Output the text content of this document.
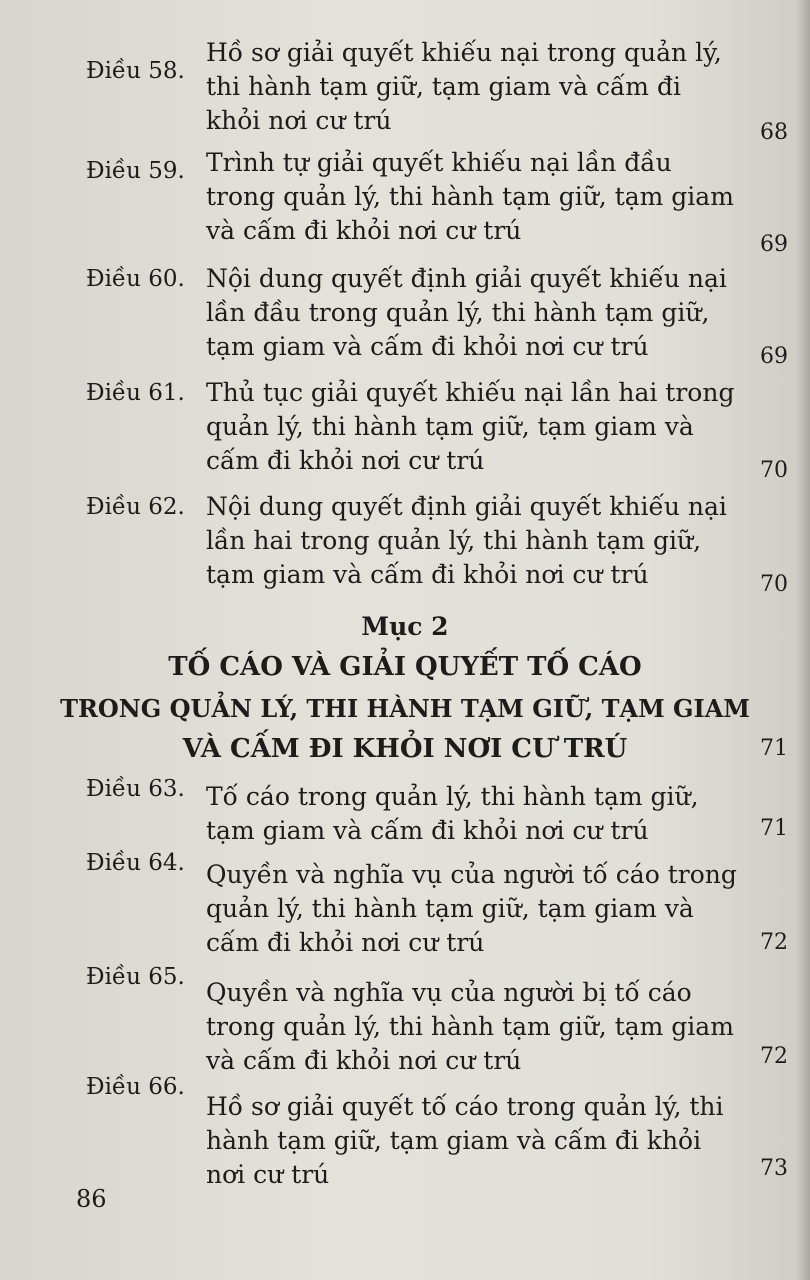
Điều 58.
Hồ sơ giải quyết khiếu nại trong quản lý,
thi hành tạm giữ, tạm giam và cấm đi
khỏi nơi cư trú	68
Điều 59. Trình tự giải quyết khiếu nại lần đầu
trong quản lý, thi hành tạm giữ, tạm giam
và cấm đi khỏi nơi cư trú	69
Điều 60. Nội dung quyết định giải quyết khiếu nại
lần đầu trong quản lý, thi hành tạm giữ,
tạm giam và cấm đi khỏi nơi cư trú	69
Điều 61. Thủ tục giải quyết khiếu nại lần hai trong
quản lý, thi hành tạm giữ, tạm giam và
cấm đi khỏi nơi cư trú	70
Điều 62. Nội dung quyết định giải quyết khiếu nại
lần hai trong quản lý, thi hành tạm giữ,
tạm giam và cấm đi khỏi nơi cư trú	70
Mục 2
TỐ CÁO VÀ GIẢI QUYẾT TỐ CÁO
TRONG QUẢN LÝ, THI HÀNH TẠM GIỮ, TẠM GIAM
VÀ CẤM ĐI KHỎI NƠI CƯ TRÚ	71
Điều 63. Tố cáo trong quản lý, thi hành tạm giữ,
tạm giam và cấm đi khỏi nơi cư trú	71
Điều 64. Quyền và nghĩa vụ của người tố cáo trong
quản lý, thi hành tạm giữ, tạm giam và
cấm đi khỏi nơi cư trú	72
Điều 65.
Quyền và nghĩa vụ của người bị tố cáo
trong quản lý, thi hành tạm giữ, tạm giam
và cấm đi khỏi nơi cư trú	72
Điều 66.
Hồ sơ giải quyết tố cáo trong quản lý, thi
hành tạm giữ, tạm giam và cấm đi khỏi
nơi cư trú	73
86
